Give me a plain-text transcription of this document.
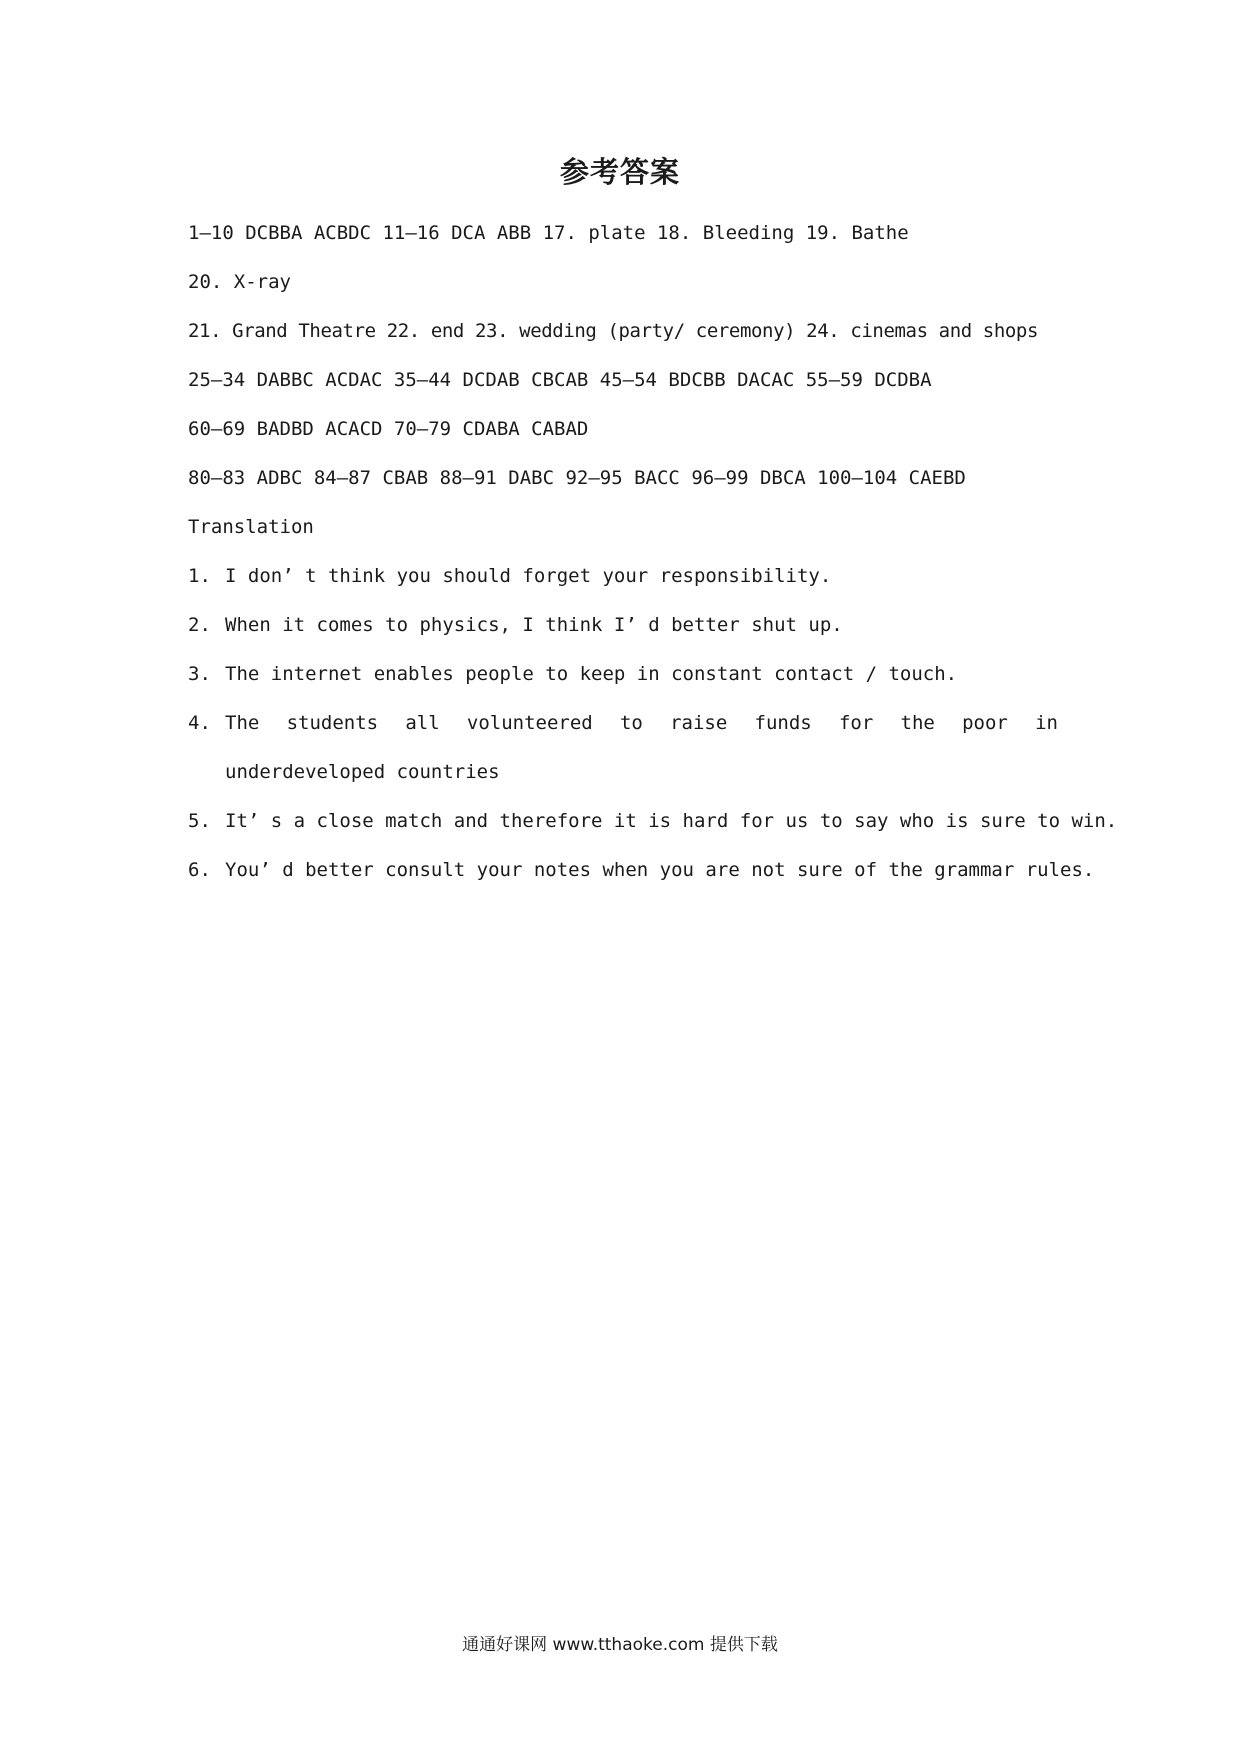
参考答案
1—10 DCBBA ACBDC 11—16 DCA ABB 17. plate 18. Bleeding 19. Bathe
20. X-ray
21. Grand Theatre 22. end 23. wedding (party/ ceremony) 24. cinemas and shops
25—34 DABBC ACDAC 35—44 DCDAB CBCAB 45—54 BDCBB DACAC 55—59 DCDBA
60—69 BADBD ACACD 70—79 CDABA CABAD
80—83 ADBC 84—87 CBAB 88—91 DABC 92—95 BACC 96—99 DBCA 100—104 CAEBD
Translation
1. I don’ t think you should forget your responsibility.
2. When it comes to physics, I think I’ d better shut up.
3. The internet enables people to keep in constant contact / touch.
4. The students all volunteered to raise funds for the poor in underdeveloped countries
5. It’ s a close match and therefore it is hard for us to say who is sure to win.
6. You’ d better consult your notes when you are not sure of the grammar rules.
通通好课网 www.tthaoke.com 提供下载
